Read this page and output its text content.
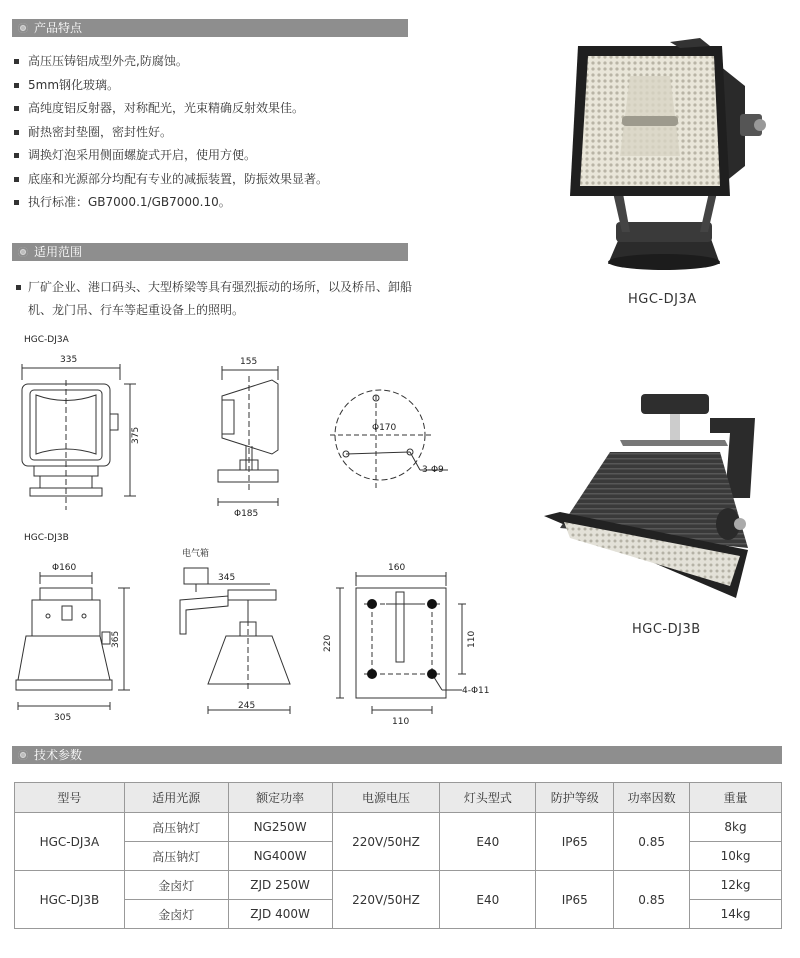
产品特点
高压压铸铝成型外壳,防腐蚀。
5mm钢化玻璃。
高纯度铝反射器，对称配光，光束精确反射效果佳。
耐热密封垫圈，密封性好。
调换灯泡采用侧面螺旋式开启，使用方便。
底座和光源部分均配有专业的减振装置，防振效果显著。
执行标准：GB7000.1/GB7000.10。
适用范围
厂矿企业、港口码头、大型桥梁等具有强烈振动的场所，以及桥吊、卸船机、龙门吊、行车等起重设备上的照明。
HGC-DJ3A
HGC-DJ3B
HGC-DJ3A
HGC-DJ3B
335
375
155
Φ185
Φ170
3-Φ9
Φ160
365
305
电气箱
345
245
160
220	110
110
4-Φ11
技术参数
型号	适用光源	额定功率	电源电压	灯头型式	防护等级	功率因数	重量
HGC-DJ3A	高压钠灯	NG250W	220V/50HZ	E40	IP65	0.85	8kg
	高压钠灯	NG400W					10kg
HGC-DJ3B	金卤灯	ZJD 250W	220V/50HZ	E40	IP65	0.85	12kg
	金卤灯	ZJD 400W					14kg
